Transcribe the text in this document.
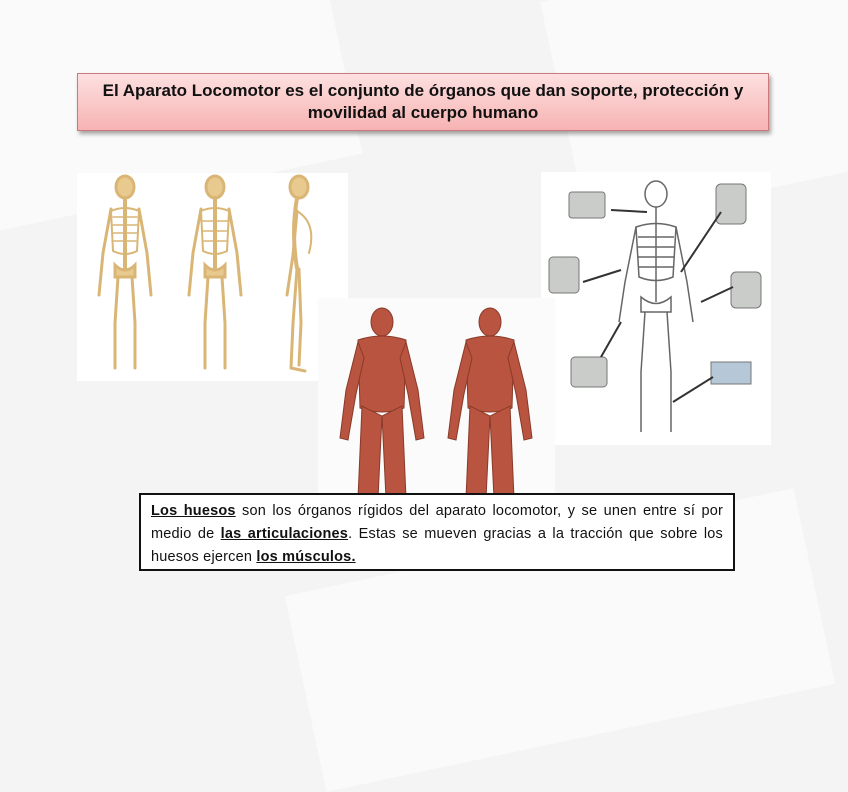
El Aparato Locomotor es el conjunto de órganos que dan soporte, protección y movilidad al cuerpo humano
Los huesos son los órganos rígidos del aparato locomotor, y se unen entre sí por medio de las articulaciones. Estas se mueven gracias a la tracción que sobre los huesos ejercen los músculos.
